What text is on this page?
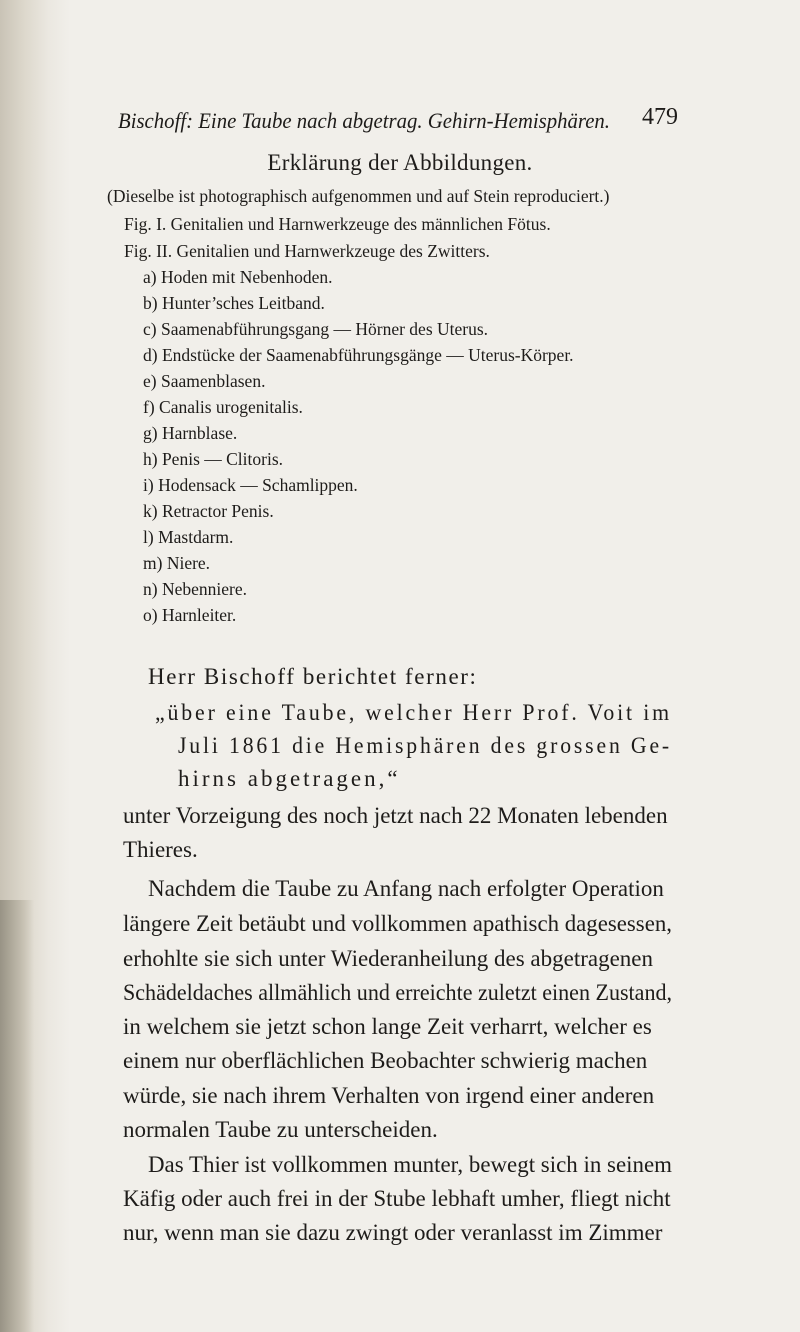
Bischoff: Eine Taube nach abgetrag. Gehirn-Hemisphären. 479
Erklärung der Abbildungen.
(Dieselbe ist photographisch aufgenommen und auf Stein reproduciert.)
Fig. I. Genitalien und Harnwerkzeuge des männlichen Fötus.
Fig. II. Genitalien und Harnwerkzeuge des Zwitters.
a) Hoden mit Nebenhoden.
b) Hunter’sches Leitband.
c) Saamenabführungsgang — Hörner des Uterus.
d) Endstücke der Saamenabführungsgänge — Uterus-Körper.
e) Saamenblasen.
f) Canalis urogenitalis.
g) Harnblase.
h) Penis — Clitoris.
i) Hodensack — Schamlippen.
k) Retractor Penis.
l) Mastdarm.
m) Niere.
n) Nebenniere.
o) Harnleiter.
Herr Bischoff berichtet ferner:
„über eine Taube, welcher Herr Prof. Voit im
Juli 1861 die Hemisphären des grossen Ge-
hirns abgetragen,“
unter Vorzeigung des noch jetzt nach 22 Monaten lebenden
Thieres.
Nachdem die Taube zu Anfang nach erfolgter Operation
längere Zeit betäubt und vollkommen apathisch dagesessen,
erhohlte sie sich unter Wiederanheilung des abgetragenen
Schädeldaches allmählich und erreichte zuletzt einen Zustand,
in welchem sie jetzt schon lange Zeit verharrt, welcher es
einem nur oberflächlichen Beobachter schwierig machen
würde, sie nach ihrem Verhalten von irgend einer anderen
normalen Taube zu unterscheiden.
Das Thier ist vollkommen munter, bewegt sich in seinem
Käfig oder auch frei in der Stube lebhaft umher, fliegt nicht
nur, wenn man sie dazu zwingt oder veranlasst im Zimmer
